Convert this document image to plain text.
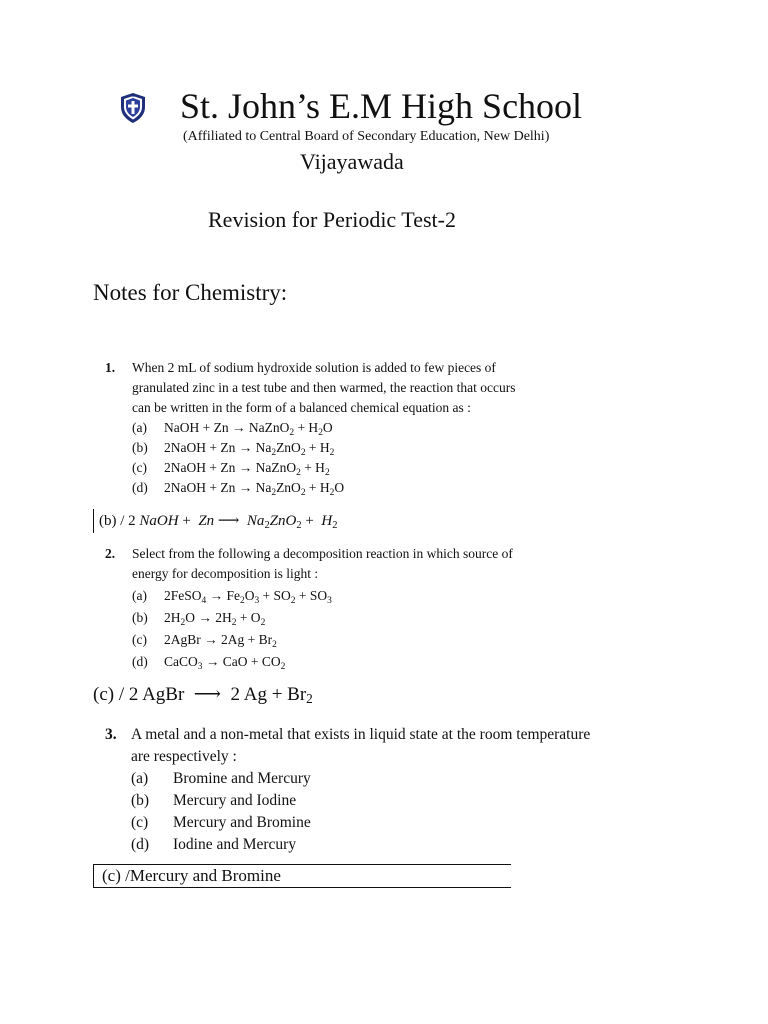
St. John’s E.M High School
(Affiliated to Central Board of Secondary Education, New Delhi)
Vijayawada
Revision for Periodic Test-2
Notes for Chemistry:
1. When 2 mL of sodium hydroxide solution is added to few pieces of
granulated zinc in a test tube and then warmed, the reaction that occurs
can be written in the form of a balanced chemical equation as :
(a) NaOH + Zn → NaZnO$_2$ + $H_2O$
(b) 2NaOH + $Zn \to Na_2ZnO_2 + H_2$
(c) 2NaOH + Zn → NaZnO$_2$ + $H_2$
(d) 2NaOH + $Zn \to Na_2ZnO_2 + H_2O$
(b) / 2 NaOH +  Zn ⟶  $Na_2ZnO_2 + H_2$
2. Select from the following a decomposition reaction in which source of
energy for decomposition is light :
(a) 2FeSO$_4$ → $Fe_2O_3 + SO_2 + SO_3$
(b) $2H_2O \to 2H_2 + O_2$
(c) 2AgBr → $2Ag + Br_2$
(d) CaCO$_3$ → CaO + $CO_2$
(c) / 2 AgBr  ⟶  2 $Ag + Br_2$
3. A metal and a non-metal that exists in liquid state at the room temperature
are respectively :
(a) Bromine and Mercury
(b) Mercury and Iodine
(c) Mercury and Bromine
(d) Iodine and Mercury
(c) /Mercury and Bromine
